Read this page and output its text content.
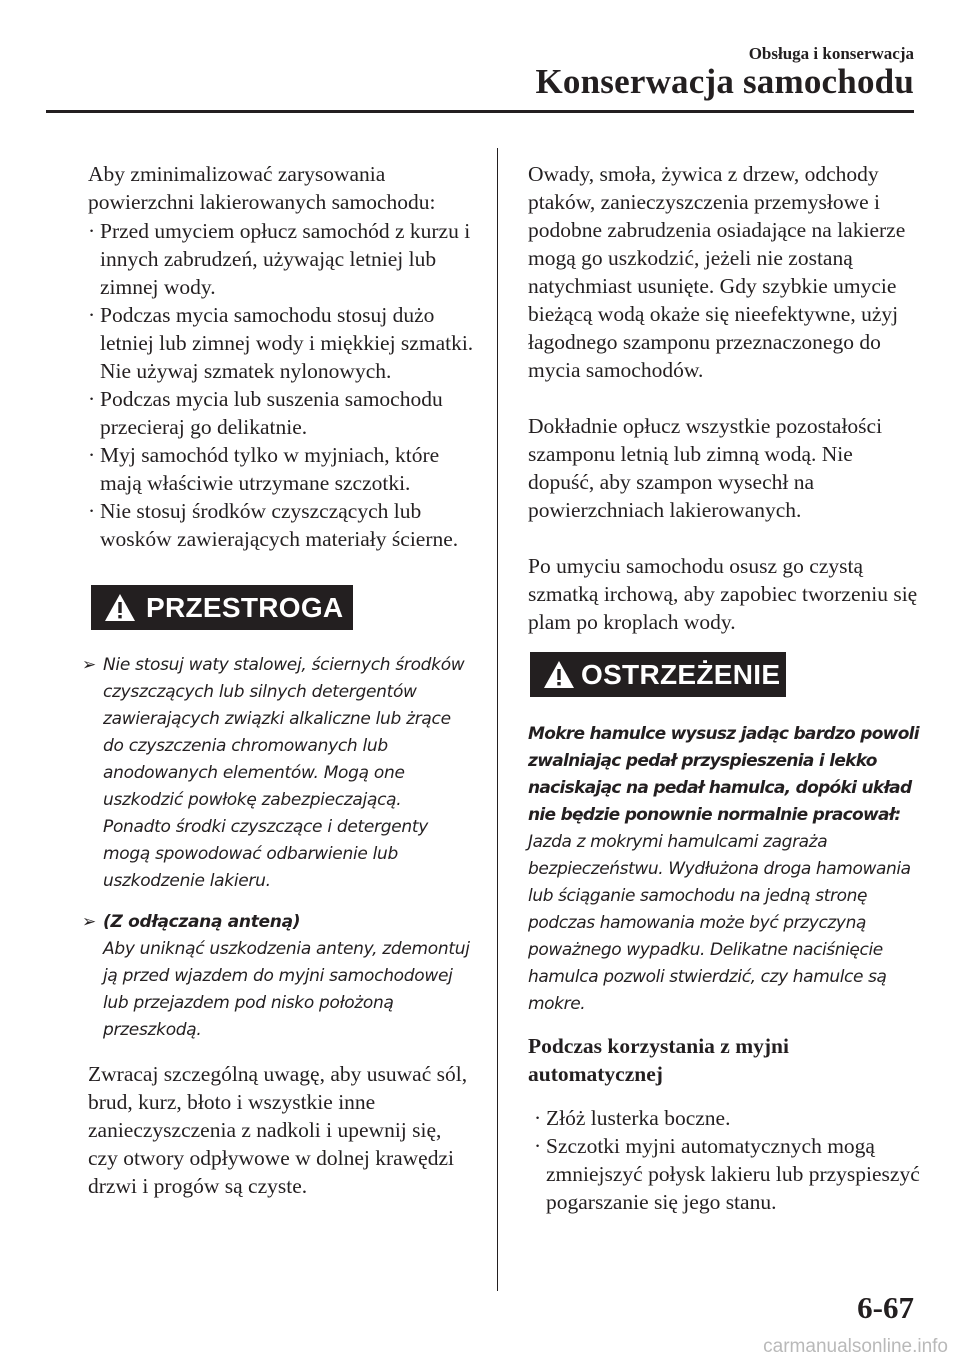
Obsługa i konserwacja
Konserwacja samochodu

Aby zminimalizować zarysowania powierzchni lakierowanych samochodu:

· Przed umyciem opłucz samochód z kurzu i innych zabrudzeń, używając letniej lub zimnej wody.
· Podczas mycia samochodu stosuj dużo letniej lub zimnej wody i miękkiej szmatki. Nie używaj szmatek nylonowych.
· Podczas mycia lub suszenia samochodu przecieraj go delikatnie.
· Myj samochód tylko w myjniach, które mają właściwie utrzymane szczotki.
· Nie stosuj środków czyszczących lub wosków zawierających materiały ścierne.
PRZESTROGA
➢ Nie stosuj waty stalowej, ściernych środków czyszczących lub silnych detergentów zawierających związki alkaliczne lub żrące do czyszczenia chromowanych lub anodowanych elementów. Mogą one uszkodzić powłokę zabezpieczającą. Ponadto środki czyszczące i detergenty mogą spowodować odbarwienie lub uszkodzenie lakieru.
➢ (Z odłączaną anteną)
Aby uniknąć uszkodzenia anteny, zdemontuj ją przed wjazdem do myjni samochodowej lub przejazdem pod nisko położoną przeszkodą.

Zwracaj szczególną uwagę, aby usuwać sól, brud, kurz, błoto i wszystkie inne zanieczyszczenia z nadkoli i upewnij się, czy otwory odpływowe w dolnej krawędzi drzwi i progów są czyste.

Owady, smoła, żywica z drzew, odchody ptaków, zanieczyszczenia przemysłowe i podobne zabrudzenia osiadające na lakierze mogą go uszkodzić, jeżeli nie zostaną natychmiast usunięte. Gdy szybkie umycie bieżącą wodą okaże się nieefektywne, użyj łagodnego szamponu przeznaczonego do mycia samochodów.

Dokładnie opłucz wszystkie pozostałości szamponu letnią lub zimną wodą. Nie dopuść, aby szampon wysechł na powierzchniach lakierowanych.

Po umyciu samochodu osusz go czystą szmatką irchową, aby zapobiec tworzeniu się plam po kroplach wody.

OSTRZEŻENIE

Mokre hamulce wysusz jadąc bardzo powoli zwalniając pedał przyspieszenia i lekko naciskając na pedał hamulca, dopóki układ nie będzie ponownie normalnie pracował:

Jazda z mokrymi hamulcami zagraża bezpieczeństwu. Wydłużona droga hamowania lub ściąganie samochodu na jedną stronę podczas hamowania może być przyczyną poważnego wypadku. Delikatne naciśnięcie hamulca pozwoli stwierdzić, czy hamulce są mokre.

Podczas korzystania z myjni automatycznej

· Złóż lusterka boczne.
· Szczotki myjni automatycznych mogą zmniejszyć połysk lakieru lub przyspieszyć pogarszanie się jego stanu.
6-67
carmanualsonline.info
